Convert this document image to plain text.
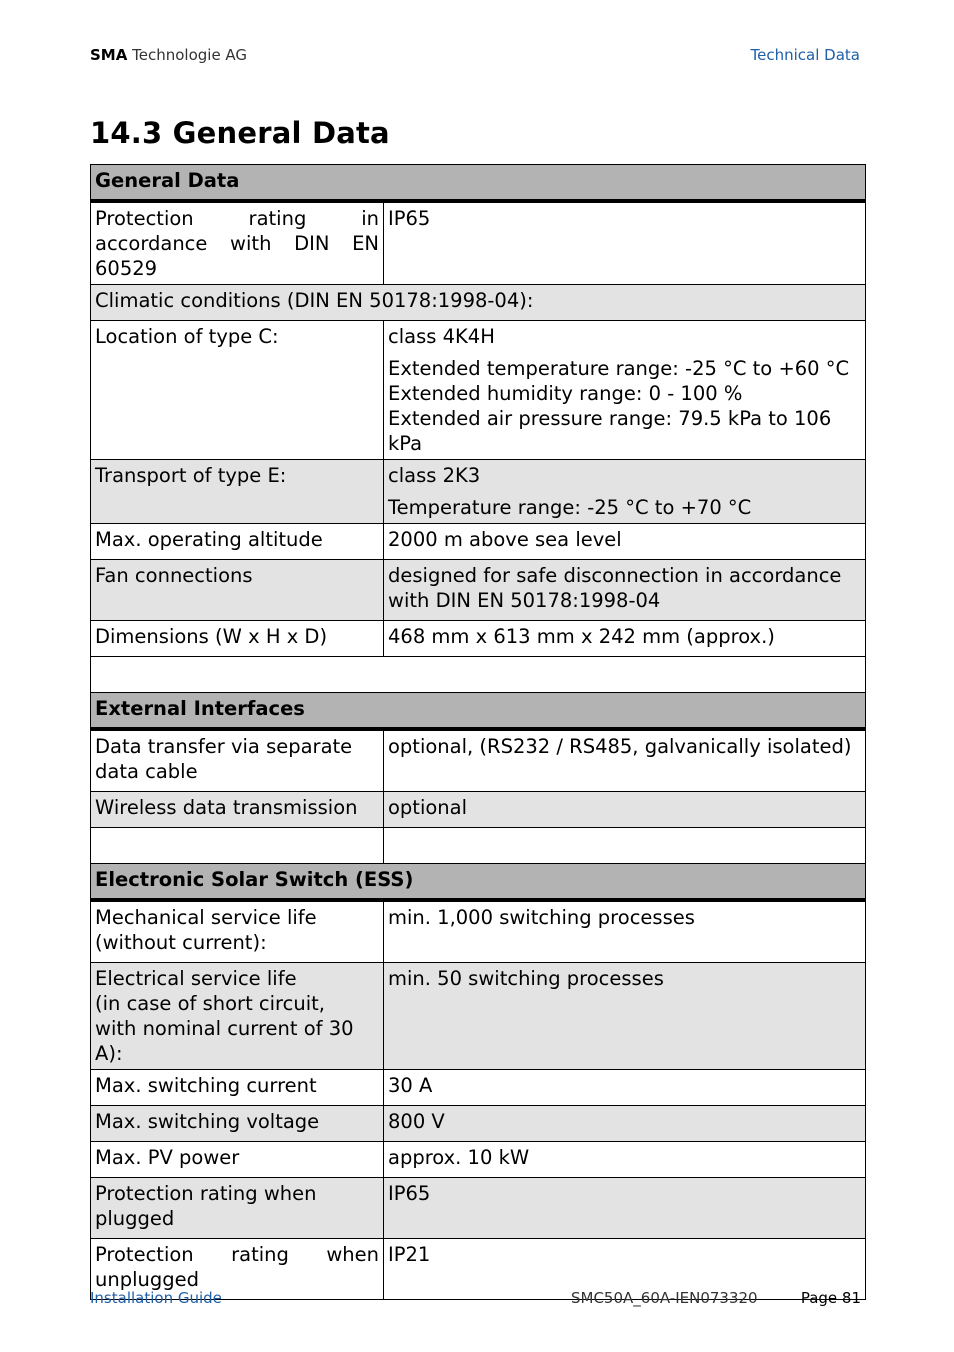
SMA Technologie AG	Technical Data
14.3 General Data
General Data	
Protection rating in accordance with DIN EN 60529	IP65
Climatic conditions (DIN EN 50178:1998-04):	
Location of type C:	class 4K4H
Extended temperature range: -25 °C to +60 °C
Extended humidity range: 0 - 100 %
Extended air pressure range: 79.5 kPa to 106 kPa

Transport of type E:	class 2K3
Temperature range: -25 °C to +70 °C

Max. operating altitude	2000 m above sea level
Fan connections	designed for safe disconnection in accordance with DIN EN 50178:1998-04
Dimensions (W x H x D)	468 mm x 613 mm x 242 mm (approx.)

External Interfaces	

Data transfer via separate
data cable	optional, (RS232 / RS485, galvanically isolated)
Wireless data transmission	optional

Electronic Solar Switch (ESS)	

Mechanical service life
(without current):	min. 1,000 switching processes

Electrical service life
(in case of short circuit,
with nominal current of 30 A):	min. 50 switching processes
Max. switching current	30 A
Max. switching voltage	800 V
Max. PV power	approx. 10 kW

Protection rating when
plugged	IP65
Protection rating when unplugged	IP21
Installation Guide	SMC50A_60A-IEN073320	Page 81
